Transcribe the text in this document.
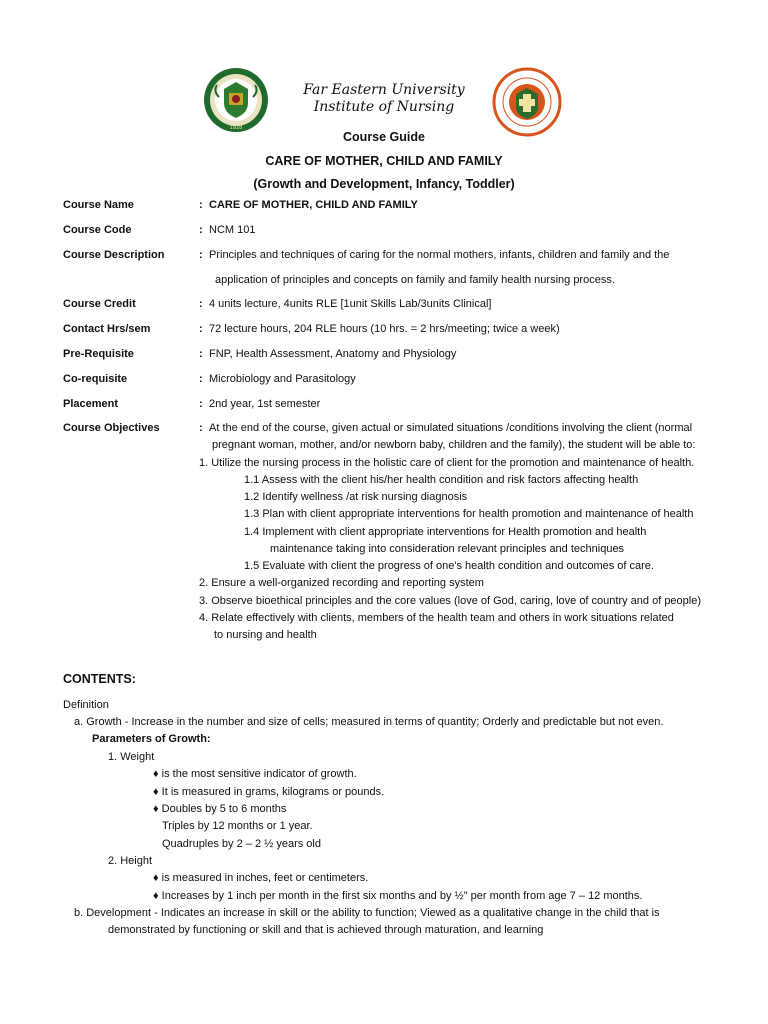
1928
Far Eastern University
Institute of Nursing
Course Guide
CARE OF MOTHER, CHILD AND FAMILY
(Growth and Development, Infancy, Toddler)
Course Name	: CARE OF MOTHER, CHILD AND FAMILY
Course Code	: NCM 101
Course Description	: Principles and techniques of caring for the normal mothers, infants, children and family and the
application of principles and concepts on family and family health nursing process.
Course Credit	: 4 units lecture, 4units RLE [1unit Skills Lab/3units Clinical]
Contact Hrs/sem	: 72 lecture hours, 204 RLE hours (10 hrs. = 2 hrs/meeting; twice a week)
Pre-Requisite	: FNP, Health Assessment, Anatomy and Physiology
Co-requisite	: Microbiology and Parasitology
Placement	: 2nd year, 1st semester
Course Objectives	: At the end of the course, given actual or simulated situations /conditions involving the client (normal
pregnant woman, mother, and/or newborn baby, children and the family), the student will be able to:
1. Utilize the nursing process in the holistic care of client for the promotion and maintenance of health.
1.1 Assess with the client his/her health condition and risk factors affecting health
1.2 Identify wellness /at risk nursing diagnosis
1.3 Plan with client appropriate interventions for health promotion and maintenance of health
1.4 Implement with client appropriate interventions for Health promotion and health
maintenance taking into consideration relevant principles and techniques
1.5 Evaluate with client the progress of one's health condition and outcomes of care.
2. Ensure a well-organized recording and reporting system
3. Observe bioethical principles and the core values (love of God, caring, love of country and of people)
4. Relate effectively with clients, members of the health team and others in work situations related
to nursing and health
CONTENTS:
Definition
a. Growth - Increase in the number and size of cells; measured in terms of quantity; Orderly and predictable but not even.
Parameters of Growth:
1. Weight
♦ is the most sensitive indicator of growth.
♦ It is measured in grams, kilograms or pounds.
♦ Doubles by 5 to 6 months
Triples by 12 months or 1 year.
Quadruples by 2 – 2 ½ years old
2. Height
♦ is measured in inches, feet or centimeters.
♦ Increases by 1 inch per month in the first six months and by ½" per month from age 7 – 12 months.
b. Development - Indicates an increase in skill or the ability to function; Viewed as a qualitative change in the child that is
demonstrated by functioning or skill and that is achieved through maturation, and learning
